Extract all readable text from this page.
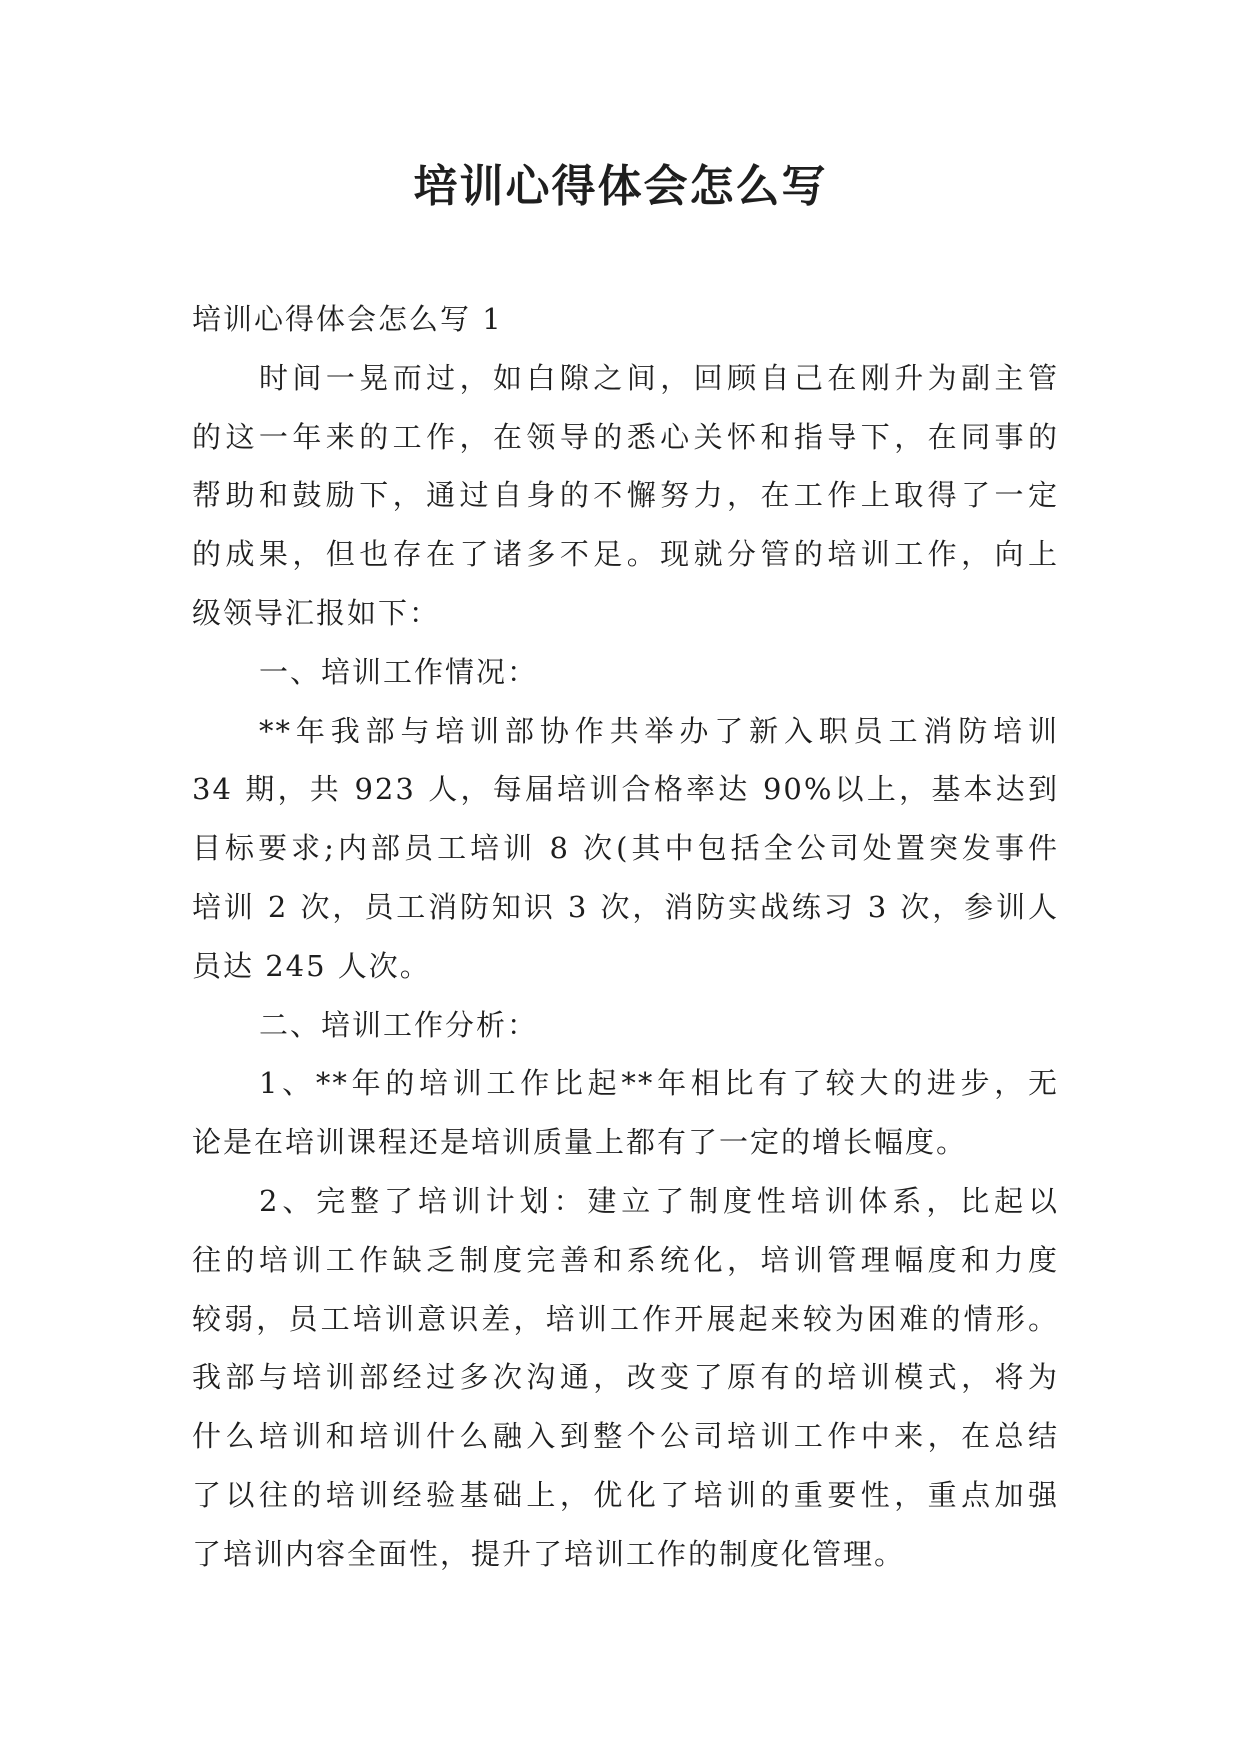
培训心得体会怎么写
培训心得体会怎么写 1
时间一晃而过，如白隙之间，回顾自己在刚升为副主管
的这一年来的工作，在领导的悉心关怀和指导下，在同事的
帮助和鼓励下，通过自身的不懈努力，在工作上取得了一定
的成果，但也存在了诸多不足。现就分管的培训工作，向上
级领导汇报如下：
一、培训工作情况：
**年我部与培训部协作共举办了新入职员工消防培训
34 期，共 923 人，每届培训合格率达 90%以上，基本达到
目标要求;内部员工培训 8 次(其中包括全公司处置突发事件
培训 2 次，员工消防知识 3 次，消防实战练习 3 次，参训人
员达 245 人次。
二、培训工作分析：
1、**年的培训工作比起**年相比有了较大的进步，无
论是在培训课程还是培训质量上都有了一定的增长幅度。
2、完整了培训计划：建立了制度性培训体系，比起以
往的培训工作缺乏制度完善和系统化，培训管理幅度和力度
较弱，员工培训意识差，培训工作开展起来较为困难的情形。
我部与培训部经过多次沟通，改变了原有的培训模式，将为
什么培训和培训什么融入到整个公司培训工作中来，在总结
了以往的培训经验基础上，优化了培训的重要性，重点加强
了培训内容全面性，提升了培训工作的制度化管理。
